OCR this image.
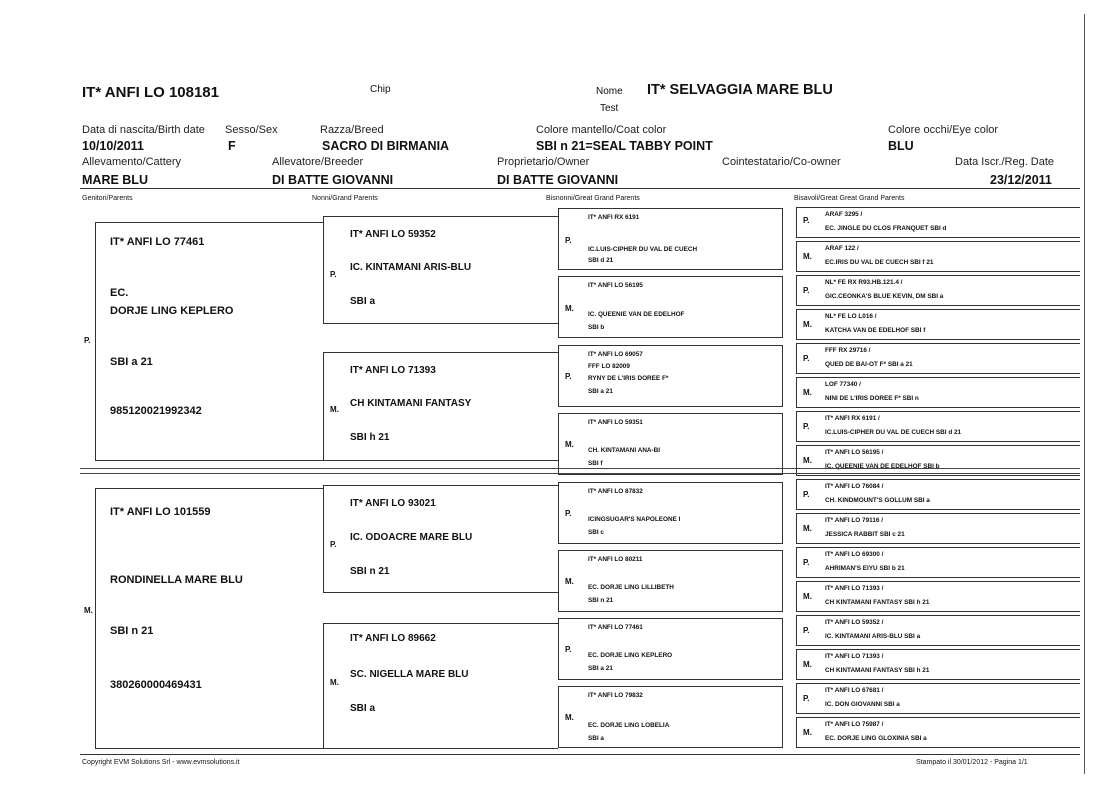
IT* ANFI LO 108181	Chip	Nome IT* SELVAGGIA MARE BLU
Test
Data di nascita/Birth date
10/10/2011
Sesso/Sex
F
Razza/Breed
SACRO DI BIRMANIA
Colore mantello/Coat color
SBI n 21=SEAL TABBY POINT
Colore occhi/Eye color
BLU
Allevamento/Cattery
MARE BLU
Allevatore/Breeder
DI BATTE GIOVANNI
Proprietario/Owner
DI BATTE GIOVANNI
Cointestatario/Co-owner	Data Iscr./Reg. Date
23/12/2011
Genitori/Parents	Nonni/Grand Parents	Bisnonni/Great Grand Parents	Bisavoli/Great Great Grand Parents
IT* ANFI LO 77461
EC.
DORJE LING KEPLERO
P.
SBI a 21
985120021992342
IT* ANFI LO 101559
RONDINELLA MARE BLU
M.
SBI n 21
380260000469431
IT* ANFI LO 59352
P.
IC. KINTAMANI ARIS-BLU
SBI a
IT* ANFI LO 71393
M.
CH KINTAMANI FANTASY
SBI h 21
IT* ANFI LO 93021
P.
IC. ODOACRE MARE BLU
SBI n 21
IT* ANFI LO 89662
M.
SC. NIGELLA MARE BLU
SBI a
IT* ANFI RX 6191
P.
IC.LUIS-CIPHER DU VAL DE CUECH
SBI d 21
IT* ANFI LO 56195
M.
IC. QUEENIE VAN DE EDELHOF
SBI b
IT* ANFI LO 69057
FFF LO 82009
P.	RYNY DE L'IRIS DOREE F*
SBI a 21
IT* ANFI LO 59351
M.
CH. KINTAMANI ANA-BI
SBI f
IT* ANFI LO 87832
P.
ICINGSUGAR'S NAPOLEONE I
SBI c
IT* ANFI LO 80211
M.
EC. DORJE LING LILLIBETH
SBI n 21
IT* ANFI LO 77461
P.
EC. DORJE LING KEPLERO
SBI a 21
IT* ANFI LO 79832
M.
EC. DORJE LING LOBELIA
SBI a
P.
ARAF 3295 /
EC. JINGLE DU CLOS FRANQUET SBI d
M.
ARAF 122 /
EC.IRIS DU VAL DE CUECH SBI f 21
P.
NL* FE RX R93.HB.121.4 /
GIC.CEONKA'S BLUE KEVIN, DM SBI a
M.
NL* FE LO L016 /
KATCHA VAN DE EDELHOF SBI f
P.
FFF RX 29716 /
QUED DE BAI-OT F* SBI a 21
M.
LOF 77340 /
NINI DE L'IRIS DOREE F* SBI n
P.
IT* ANFI RX 6191 /
IC.LUIS-CIPHER DU VAL DE CUECH SBI d 21
M.
IT* ANFI LO 56195 /
IC. QUEENIE VAN DE EDELHOF SBI b
P.
IT* ANFI LO 76084 /
CH. KINDMOUNT'S GOLLUM SBI a
M.
IT* ANFI LO 79116 /
JESSICA RABBIT SBI c 21
P.
IT* ANFI LO 69300 /
AHRIMAN'S EIYU SBI b 21
M.
IT* ANFI LO 71393 /
CH KINTAMANI FANTASY SBI h 21
P.
IT* ANFI LO 59352 /
IC. KINTAMANI ARIS-BLU SBI a
M.
IT* ANFI LO 71393 /
CH KINTAMANI FANTASY SBI h 21
P.
IT* ANFI LO 67681 /
IC. DON GIOVANNI SBI a
M.
IT* ANFI LO 75987 /
EC. DORJE LING GLOXINIA SBI a
Copyright EVM Solutions Srl - www.evmsolutions.it	Stampato il 30/01/2012 - Pagina 1/1
